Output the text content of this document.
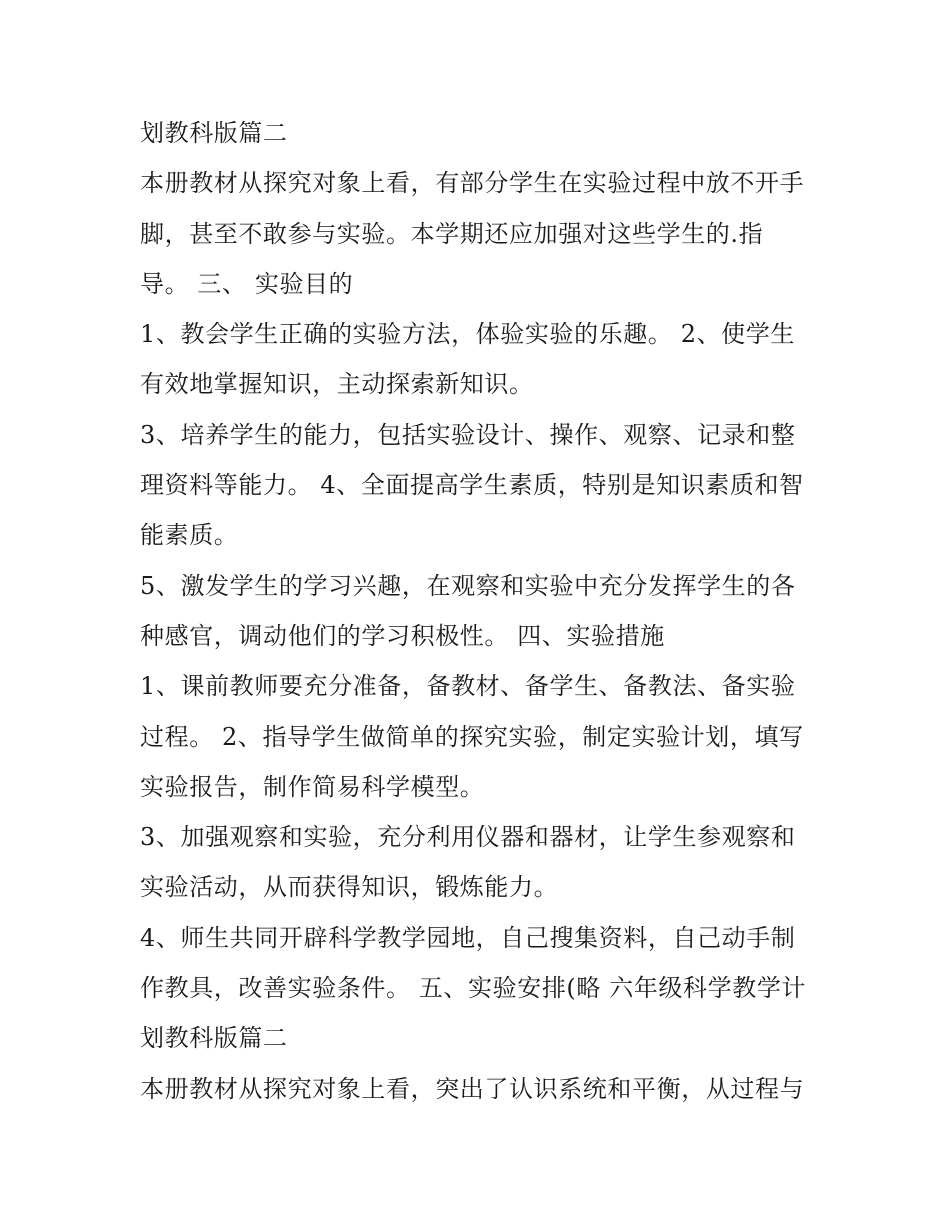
划教科版篇二
本册教材从探究对象上看，有部分学生在实验过程中放不开手
脚，甚至不敢参与实验。本学期还应加强对这些学生的.指
导。 三、 实验目的
1、教会学生正确的实验方法，体验实验的乐趣。 2、使学生
有效地掌握知识，主动探索新知识。
3、培养学生的能力，包括实验设计、操作、观察、记录和整
理资料等能力。 4、全面提高学生素质，特别是知识素质和智
能素质。
5、激发学生的学习兴趣，在观察和实验中充分发挥学生的各
种感官，调动他们的学习积极性。 四、实验措施
1、课前教师要充分准备，备教材、备学生、备教法、备实验
过程。 2、指导学生做简单的探究实验，制定实验计划，填写
实验报告，制作简易科学模型。
3、加强观察和实验，充分利用仪器和器材，让学生参观察和
实验活动，从而获得知识，锻炼能力。
4、师生共同开辟科学教学园地，自己搜集资料，自己动手制
作教具，改善实验条件。 五、实验安排(略 六年级科学教学计
划教科版篇二
本册教材从探究对象上看，突出了认识系统和平衡，从过程与
